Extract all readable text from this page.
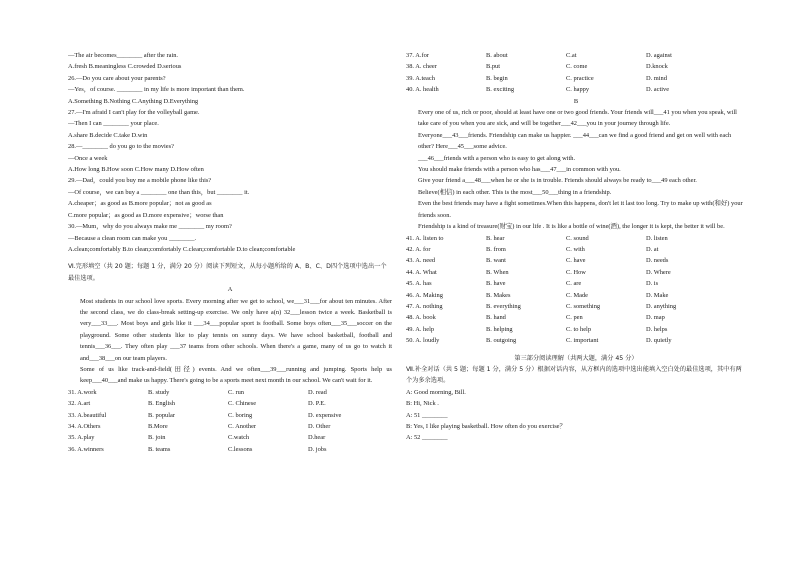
—The air becomes________ after the rain.
A.fresh B.meaningless C.crowded D.serious
26.—Do you care about your parents?
—Yes，of course. ________ in my life is more important than them.
A.Something B.Nothing C.Anything D.Everything
27.—I'm afraid I can't play for the volleyball game.
—Then I can ________ your place.
A.share B.decide C.take D.win
28.—________ do you go to the movies?
—Once a week
A.How long B.How soon C.How many D.How often
29.—Dad，could you buy me a mobile phone like this?
—Of course，we can buy a ________ one than this，but ________ it.
A.cheaper；as good as B.more popular；not as good as
C.more popular；as good as D.more expensive；worse than
30.—Mum，why do you always make me ________ my room?
—Because a clean room can make you ________.
A.clean;comfortably B.to clean;comfortably C.clean;comfortable D.to clean;comfortable
Ⅵ.完形填空（共 20 题；每题 1 分，满分 20 分）阅读下列短文，从每小题所给的 A、B、C、D四个选项中选出一个最佳选项。
A
Most students in our school love sports. Every morning after we get to school, we___31___for about ten minutes. After the second class, we do class-break setting-up exercise. We only have a(n) 32___lesson twice a week. Basketball is very___33___. Most boys and girls like it ___34___popular sport is football. Some boys often___35___soccer on the playground. Some other students like to play tennis on sunny days. We have school basketball, football and tennis___36___. They often play ___37 teams from other schools. When there's a game, many of us go to watch it and___38___on our team players.
Some of us like track-and-field(田径) events. And we often___39___running and jumping. Sports help us keep___40___and make us happy. There's going to be a sports meet next month in our school. We can't wait for it.
31. A.work	B. study	C. run	D. read
32. A.art	B. English	C. Chinese	D. P.E.
33. A.beautiful	B. popular	C. boring	D. expensive
34. A.Others	B.More	C. Another	D. Other
35. A.play	B. join	C.watch	D.hear
36. A.winners	B. teams	C.lessons	D. jobs
37. A.for	B. about	C.at	D. against
38. A. cheer	B.put	C. come	D.knock
39. A.teach	B. begin	C. practice	D. mind
40. A. health	B. exciting	C. happy	D. active
B
Every one of us, rich or poor, should at least have one or two good friends. Your friends will___41 you when you speak, will take care of you when you are sick, and will be together___42___you in your journey through life.
Everyone___43___friends. Friendship can make us happier. ___44___can we find a good friend and get on well with each other? Here___45___some advice.
___46___friends with a person who is easy to get along with.
You should make friends with a person who has___47___in common with you.
Give your friend a___48___when he or she is in trouble. Friends should always be ready to___49 each other.
Believe(相信) in each other. This is the most___50___thing in a friendship.
Even the best friends may have a fight sometimes.When this happens, don't let it last too long. Try to make up with(和好) your friends soon.
Friendship is a kind of treasure(财宝) in our life . It is like a bottle of wine(酒), the longer it is kept, the better it will be.
41. A. listen to	B. hear	C. sound	D. listen
42. A. for	B. from	C. with	D. at
43. A. need	B. want	C. have	D. needs
44. A. What	B. When	C. How	D. Where
45. A. has	B. have	C. are	D. is
46. A. Making	B. Makes	C. Made	D. Make
47. A. nothing	B. everything	C. something	D. anything
48. A. book	B. hand	C. pen	D. map
49. A. help	B. helping	C. to help	D. helps
50. A. loudly	B. outgoing	C. important	D. quietly
第三部分阅读理解（共两大题，满分 45 分）
Ⅶ.补全对话（共 5 题；每题 1 分，满分 5 分）根据对话内容，从方框内的选项中选出能填入空白处的最佳选项，其中有两个为多余选项。
A: Good morning, Bill.
B: Hi, Nick .
A: 51 ________
B: Yes, I like playing basketball. How often do you exercise？
A: 52 ________
